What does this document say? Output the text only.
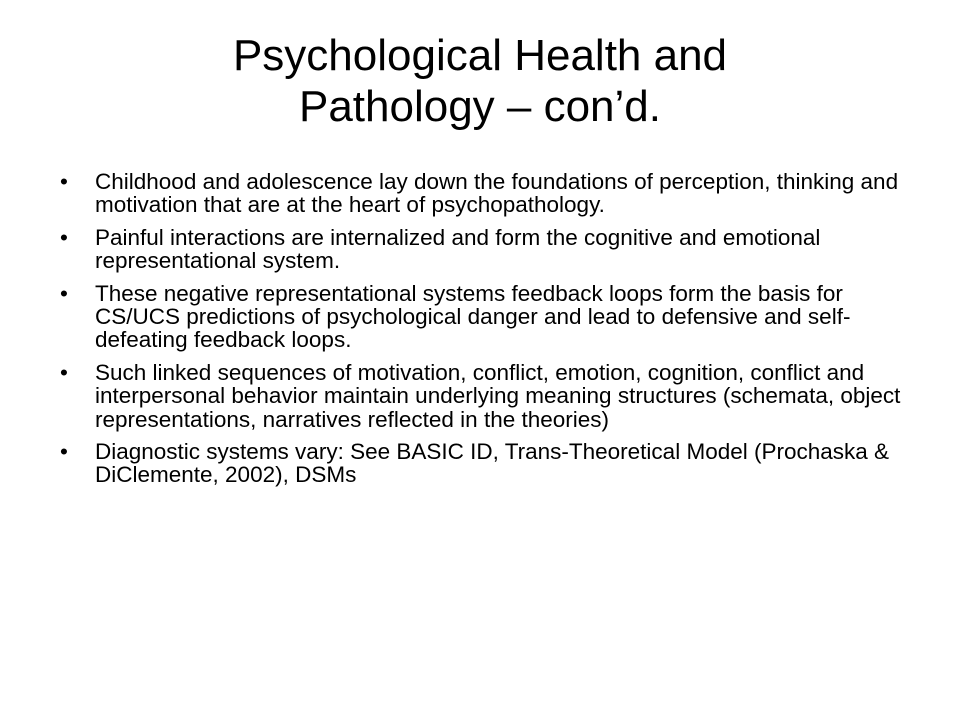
Psychological Health and
Pathology – con’d.
• Childhood and adolescence lay down the foundations of perception, thinking and motivation that are at the heart of psychopathology.
• Painful interactions are internalized and form the cognitive and emotional representational system.
• These negative representational systems feedback loops form the basis for CS/UCS predictions of psychological danger and lead to defensive and self-defeating feedback loops.
• Such linked sequences of motivation, conflict, emotion, cognition, conflict and interpersonal behavior maintain underlying meaning structures (schemata, object representations, narratives reflected in the theories)
• Diagnostic systems vary: See BASIC ID, Trans-Theoretical Model (Prochaska & DiClemente, 2002), DSMs
